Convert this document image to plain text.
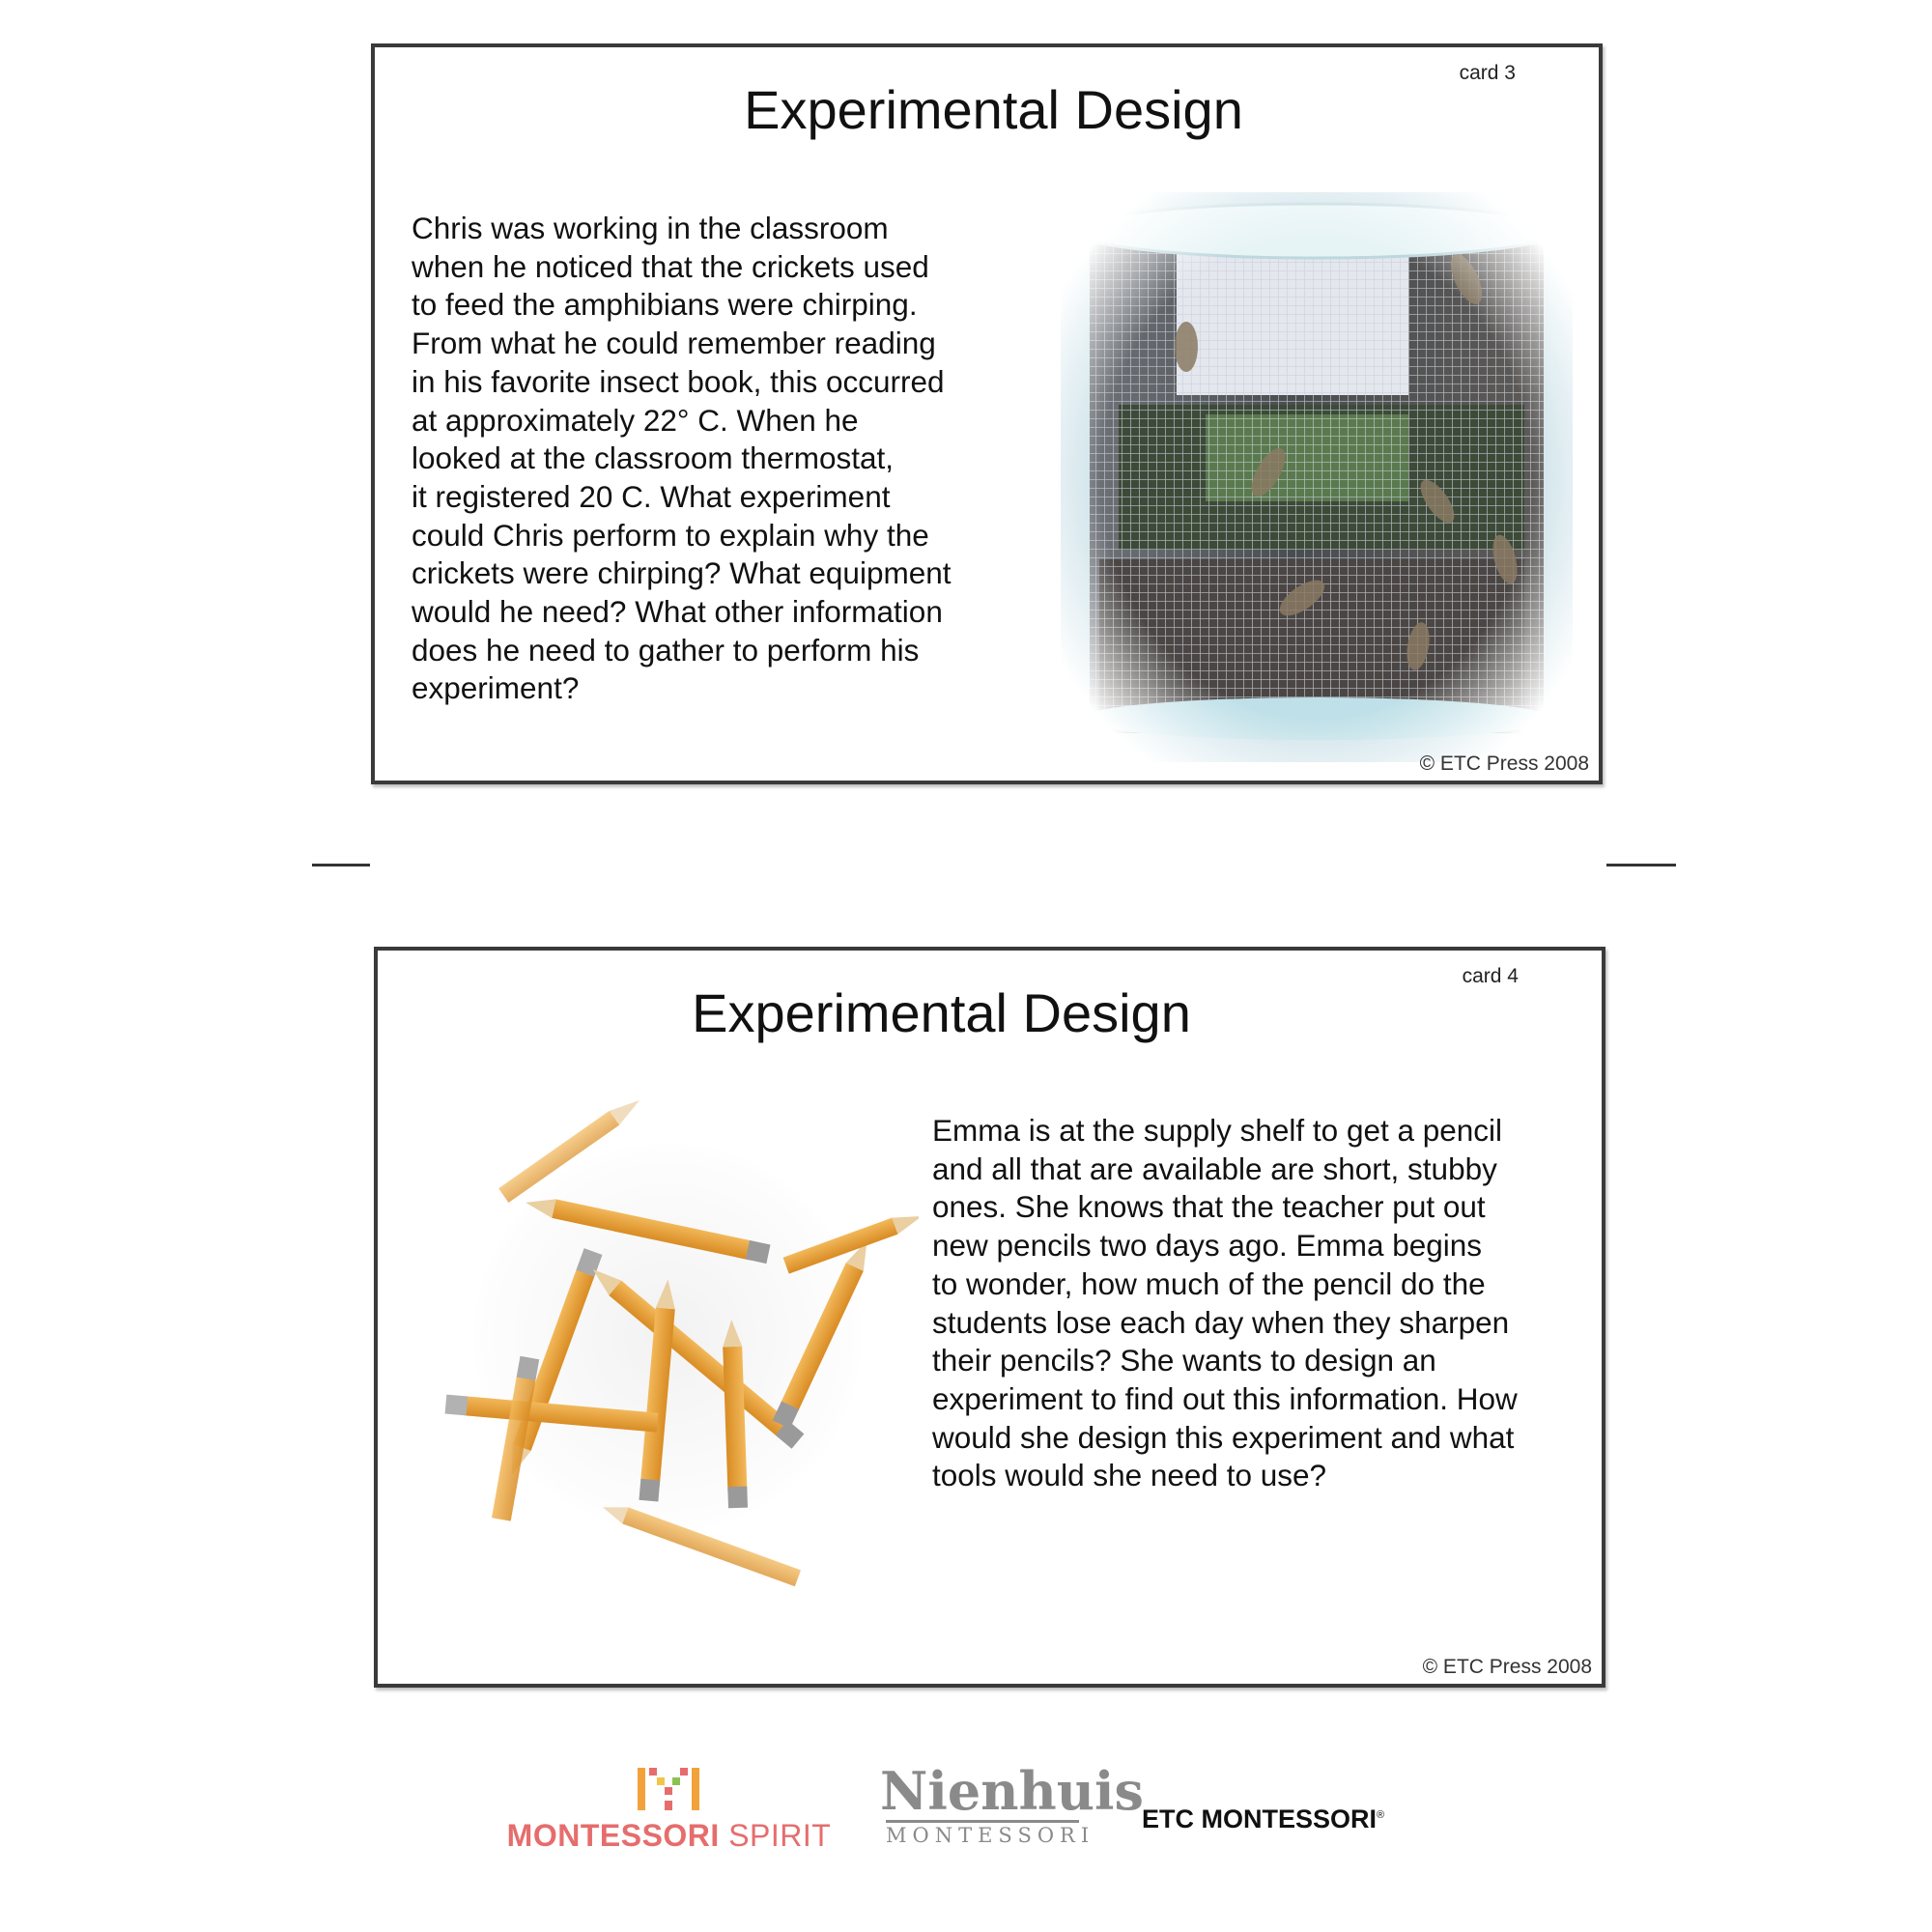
card 3
Experimental Design

Chris was working in the classroom
when he noticed that the crickets used
to feed the amphibians were chirping.
From what he could remember reading
in his favorite insect book, this occurred
at approximately 22° C. When he
looked at the classroom thermostat,
it registered 20 C. What experiment
could Chris perform to explain why the
crickets were chirping? What equipment
would he need? What other information
does he need to gather to perform his
experiment?

© ETC Press 2008
card 4
Experimental Design

Emma is at the supply shelf to get a pencil
and all that are available are short, stubby
ones. She knows that the teacher put out
new pencils two days ago. Emma begins
to wonder, how much of the pencil do the
students lose each day when they sharpen
their pencils? She wants to design an
experiment to find out this information. How
would she design this experiment and what
tools would she need to use?

© ETC Press 2008
MONTESSORI SPIRIT
Nienhuis
MONTESSORI
ETC MONTESSORI®
